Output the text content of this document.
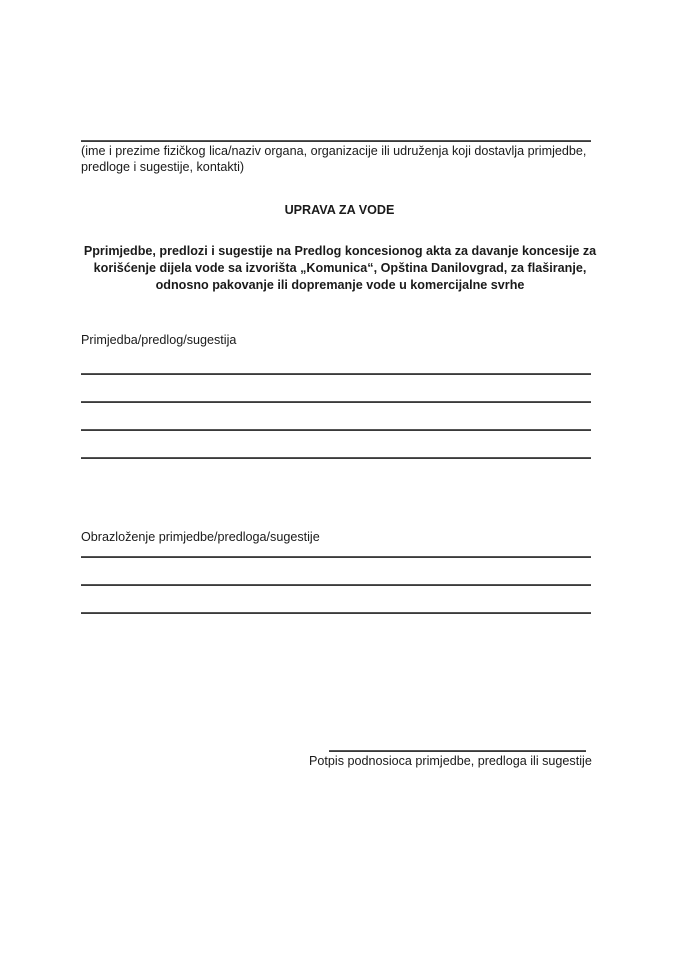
(ime i prezime fizičkog lica/naziv organa, organizacije ili udruženja koji dostavlja primjedbe,
predloge i sugestije, kontakti)
UPRAVA ZA VODE
Pprimjedbe, predlozi i sugestije na Predlog koncesionog akta za davanje koncesije za
korišćenje dijela vode sa izvorišta „Komunica“, Opština Danilovgrad, za flaširanje,
odnosno pakovanje ili dopremanje vode u komercijalne svrhe
Primjedba/predlog/sugestija
Obrazloženje primjedbe/predloga/sugestije
Potpis podnosioca primjedbe, predloga ili sugestije
